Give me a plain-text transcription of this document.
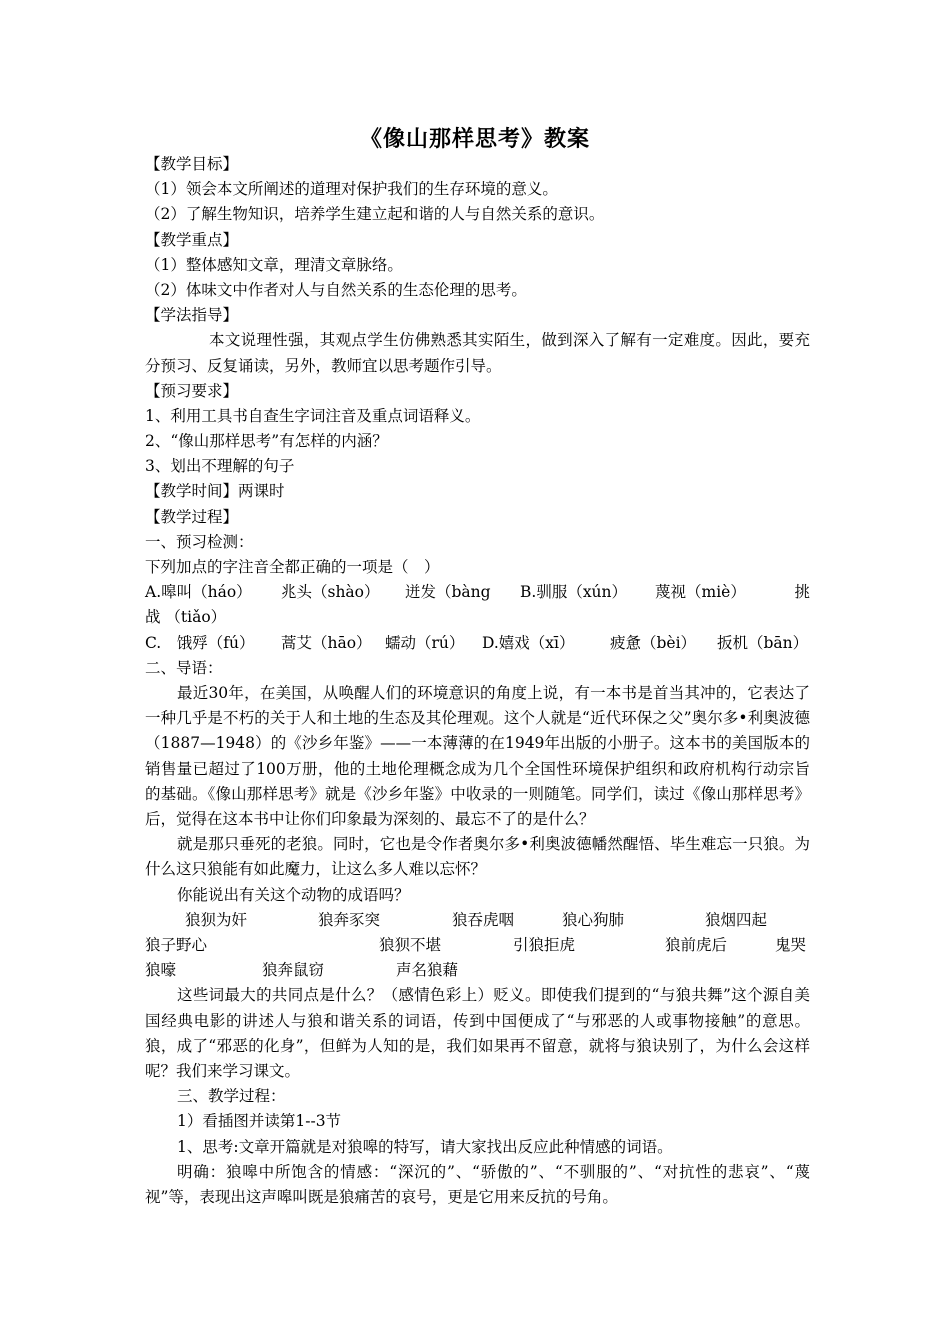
《像山那样思考》教案
【教学目标】
（1）领会本文所阐述的道理对保护我们的生存环境的意义。
（2）了解生物知识，培养学生建立起和谐的人与自然关系的意识。
【教学重点】
（1）整体感知文章，理清文章脉络。
（2）体味文中作者对人与自然关系的生态伦理的思考。
【学法指导】
本文说理性强，其观点学生仿佛熟悉其实陌生，做到深入了解有一定难度。因此，要充分预习、反复诵读，另外，教师宜以思考题作引导。
【预习要求】
1、利用工具书自查生字词注音及重点词语释义。
2、“像山那样思考”有怎样的内涵？
3、划出不理解的句子
【教学时间】两课时
【教学过程】
一、预习检测：
下列加点的字注音全都正确的一项是（　）
A.嗥叫（háo）	兆头（shào）	迸发（bàng	B.驯服（xún）	蔑视（miè）	挑
战 （tiǎo）
C.　饿殍（fú）	蒿艾（hāo） 蠕动（rú）	D.嬉戏（xī）	疲惫（bèi）	扳机（bān）
二、导语：
最近30年，在美国，从唤醒人们的环境意识的角度上说，有一本书是首当其冲的，它表达了一种几乎是不朽的关于人和土地的生态及其伦理观。这个人就是“近代环保之父”奥尔多•利奥波德（1887—1948）的《沙乡年鉴》——一本薄薄的在1949年出版的小册子。这本书的美国版本的销售量已超过了100万册，他的土地伦理概念成为几个全国性环境保护组织和政府机构行动宗旨的基础。《像山那样思考》就是《沙乡年鉴》中收录的一则随笔。同学们，读过《像山那样思考》后，觉得在这本书中让你们印象最为深刻的、最忘不了的是什么？
就是那只垂死的老狼。同时，它也是令作者奥尔多•利奥波德幡然醒悟、毕生难忘一只狼。为什么这只狼能有如此魔力，让这么多人难以忘怀？
你能说出有关这个动物的成语吗？
狼狈为奸	狼奔豕突	狼吞虎咽	狼心狗肺	狼烟四起
狼子野心	狼狈不堪	引狼拒虎	狼前虎后	鬼哭
狼嚎	狼奔鼠窃	声名狼藉
这些词最大的共同点是什么？（感情色彩上）贬义。即使我们提到的“与狼共舞”这个源自美国经典电影的讲述人与狼和谐关系的词语，传到中国便成了“与邪恶的人或事物接触”的意思。狼，成了“邪恶的化身”，但鲜为人知的是，我们如果再不留意，就将与狼诀别了，为什么会这样呢？我们来学习课文。
三、教学过程：
1）看插图并读第1--3节
1、思考:文章开篇就是对狼嗥的特写，请大家找出反应此种情感的词语。
明确：狼嗥中所饱含的情感：“深沉的”、“骄傲的”、“不驯服的”、“对抗性的悲哀”、“蔑视”等，表现出这声嗥叫既是狼痛苦的哀号，更是它用来反抗的号角。
